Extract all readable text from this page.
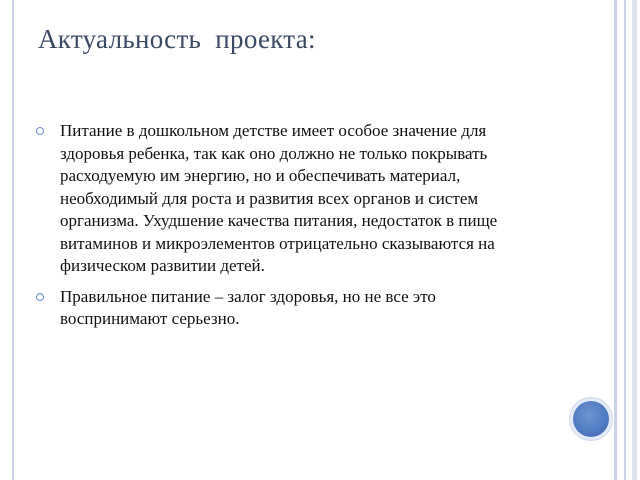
Актуальность  проекта:
Питание в дошкольном детстве имеет особое значение для здоровья ребенка, так как оно должно не только покрывать расходуемую им энергию, но и обеспечивать материал, необходимый для роста и развития всех органов и систем организма. Ухудшение качества питания, недостаток в пище витаминов и микроэлементов отрицательно сказываются на физическом развитии детей.
Правильное питание – залог здоровья, но не все это воспринимают серьезно.
